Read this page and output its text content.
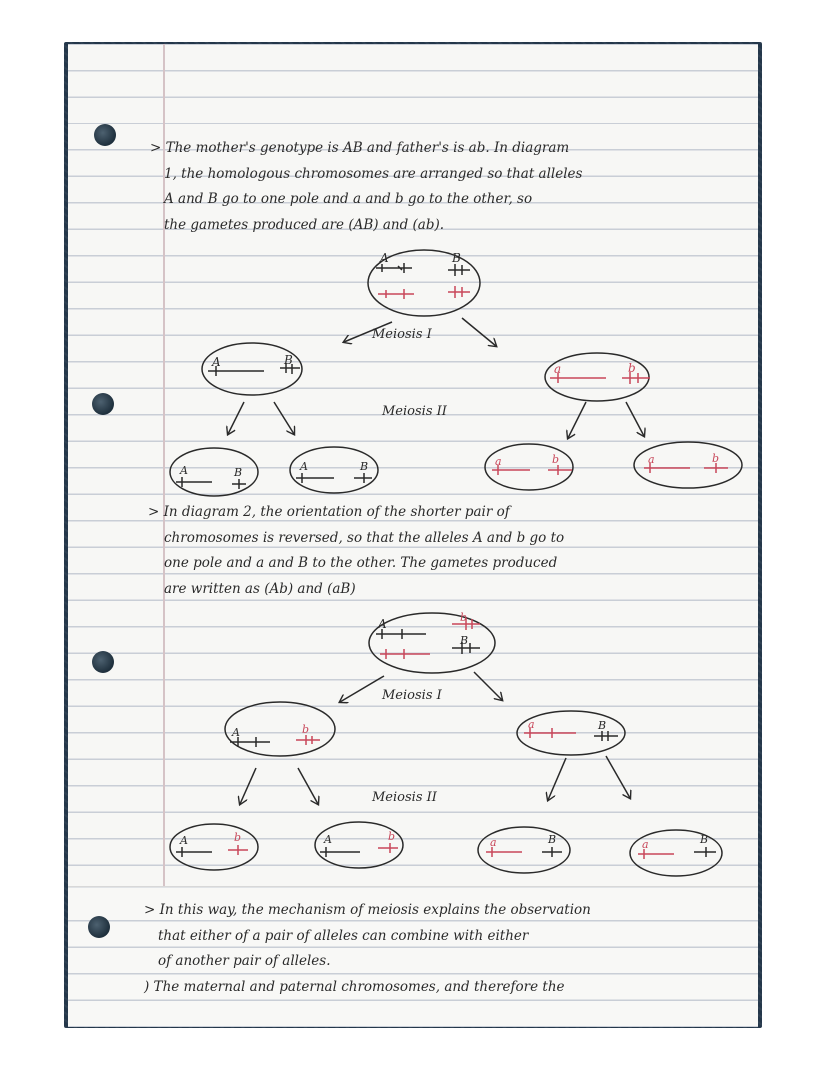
> The mother's genotype is AB and father's is ab. In diagram
1, the homologous chromosomes are arranged so that alleles
A and B go to one pole and a and b go to the other, so
the gametes produced are (AB) and (ab).
> In diagram 2, the orientation of the shorter pair of
chromosomes is reversed, so that the alleles A and b go to
one pole and a and B to the other. The gametes produced
are written as (Ab) and (aB)
> In this way, the mechanism of meiosis explains the observation
that either of a pair of alleles can combine with either
of another pair of alleles.
) The maternal and paternal chromosomes, and therefore the
A	B
Meiosis I
A	B
a	b
Meiosis II
A	B	A	B	a	b	a	b
A	b
B
Meiosis I
A	b	a	B
Meiosis II
A	b	A	b	a	B	a	B
